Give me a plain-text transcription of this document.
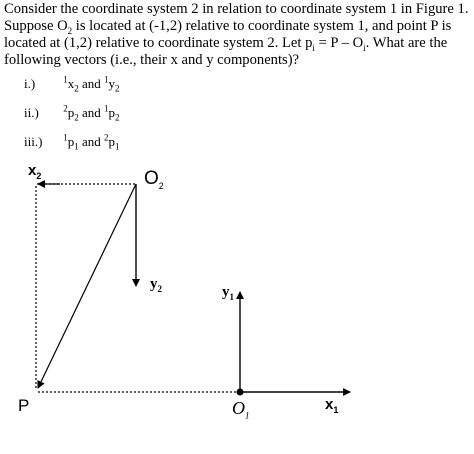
Consider the coordinate system 2 in relation to coordinate system 1 in Figure 1. Suppose $O_2$ is located at (-1,2) relative to coordinate system 1, and point P is located at (1,2) relative to coordinate system 2. Let $p_i = P - O_i$. What are the following vectors (i.e., their x and y components)?

i.)	$^1x_2$ and $^1y_2$
ii.)	$^2p_2$ and $^1p_2$
iii.) $^1p_1$ and $^2p_1$
$x_2$	$O_2$
$y_2$	$y_1$
P	$O_1$
$x_1$
